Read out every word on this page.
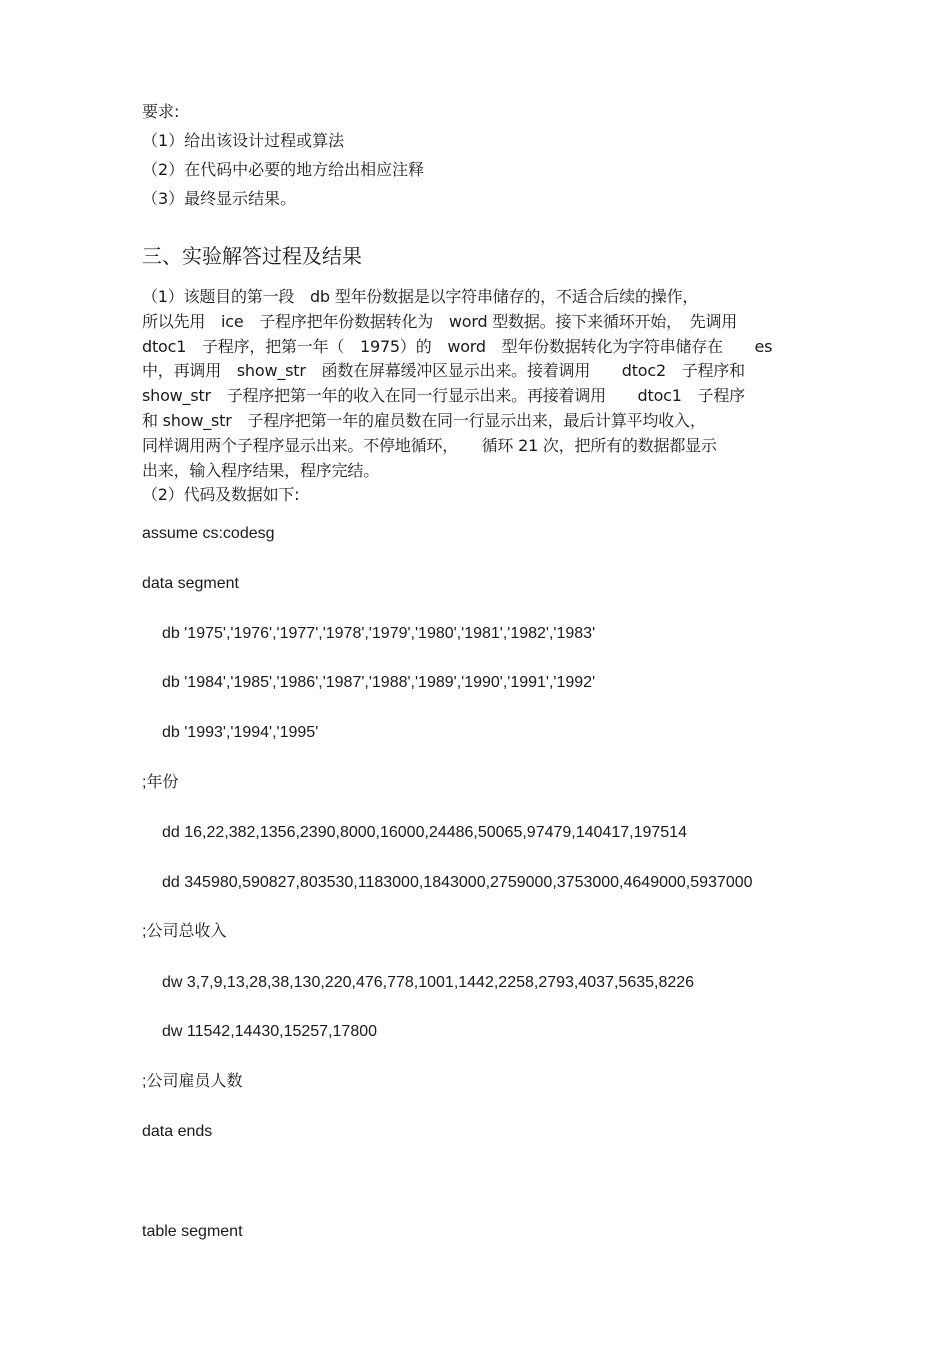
要求:

（1）给出该设计过程或算法

（2）在代码中必要的地方给出相应注释

（3）最终显示结果。

三、实验解答过程及结果

（1）该题目的第一段　db 型年份数据是以字符串储存的，不适合后续的操作，
所以先用　ice　子程序把年份数据转化为　word 型数据。接下来循环开始，　先调用
dtoc1　子程序，把第一年（　1975）的　word　型年份数据转化为字符串储存在　　es
中，再调用　show_str　函数在屏幕缓冲区显示出来。接着调用　　dtoc2　子程序和
show_str　子程序把第一年的收入在同一行显示出来。再接着调用　　dtoc1　子程序
和 show_str　子程序把第一年的雇员数在同一行显示出来，最后计算平均收入，
同样调用两个子程序显示出来。不停地循环，　　循环 21 次，把所有的数据都显示
出来，输入程序结果，程序完结。
（2）代码及数据如下:

assume cs:codesg

data segment

db '1975','1976','1977','1978','1979','1980','1981','1982','1983'

db '1984','1985','1986','1987','1988','1989','1990','1991','1992'

db '1993','1994','1995'

;年份

dd 16,22,382,1356,2390,8000,16000,24486,50065,97479,140417,197514

dd 345980,590827,803530,1183000,1843000,2759000,3753000,4649000,5937000

;公司总收入

dw 3,7,9,13,28,38,130,220,476,778,1001,1442,2258,2793,4037,5635,8226

dw 11542,14430,15257,17800

;公司雇员人数

data ends

table segment
